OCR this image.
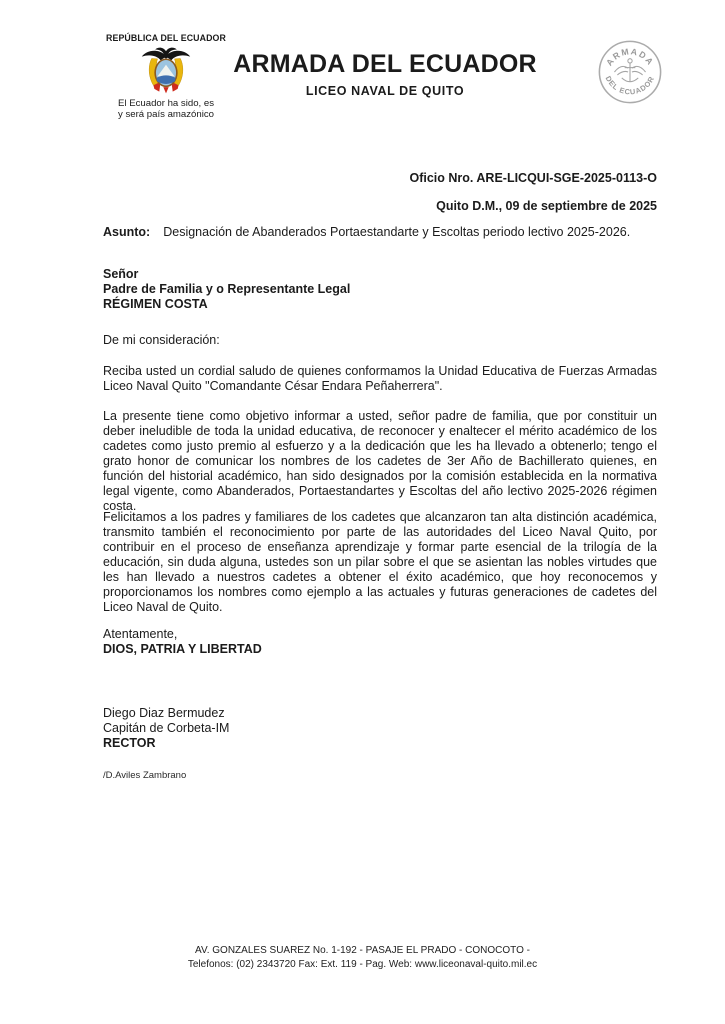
REPÚBLICA DEL ECUADOR
El Ecuador ha sido, es
y será país amazónico
ARMADA DEL ECUADOR
LICEO NAVAL DE QUITO
ARMADA
DEL ECUADOR
Oficio Nro. ARE-LICQUI-SGE-2025-0113-O
Quito D.M., 09 de septiembre de 2025
Asunto: Designación de Abanderados Portaestandarte y Escoltas periodo lectivo 2025-2026.
Señor
Padre de Familia y o Representante Legal
RÉGIMEN COSTA
De mi consideración:

Reciba usted un cordial saludo de quienes conformamos la Unidad Educativa de Fuerzas Armadas Liceo Naval Quito "Comandante César Endara Peñaherrera".

La presente tiene como objetivo informar a usted, señor padre de familia, que por constituir un deber ineludible de toda la unidad educativa, de reconocer y enaltecer el mérito académico de los cadetes como justo premio al esfuerzo y a la dedicación que les ha llevado a obtenerlo; tengo el grato honor de comunicar los nombres de los cadetes de 3er Año de Bachillerato quienes, en función del historial académico, han sido designados por la comisión establecida en la normativa legal vigente, como Abanderados, Portaestandartes y Escoltas del año lectivo 2025-2026 régimen costa.

Felicitamos a los padres y familiares de los cadetes que alcanzaron tan alta distinción académica, transmito también el reconocimiento por parte de las autoridades del Liceo Naval Quito, por contribuir en el proceso de enseñanza aprendizaje y formar parte esencial de la trilogía de la educación, sin duda alguna, ustedes son un pilar sobre el que se asientan las nobles virtudes que les han llevado a nuestros cadetes a obtener el éxito académico, que hoy reconocemos y proporcionamos los nombres como ejemplo a las actuales y futuras generaciones de cadetes del Liceo Naval de Quito.

Atentamente,
DIOS, PATRIA Y LIBERTAD
Diego Diaz Bermudez
Capitán de Corbeta-IM
RECTOR
/D.Aviles Zambrano
AV. GONZALES SUAREZ No. 1-192 - PASAJE EL PRADO - CONOCOTO -
Telefonos: (02) 2343720 Fax: Ext. 119 - Pag. Web: www.liceonaval-quito.mil.ec
